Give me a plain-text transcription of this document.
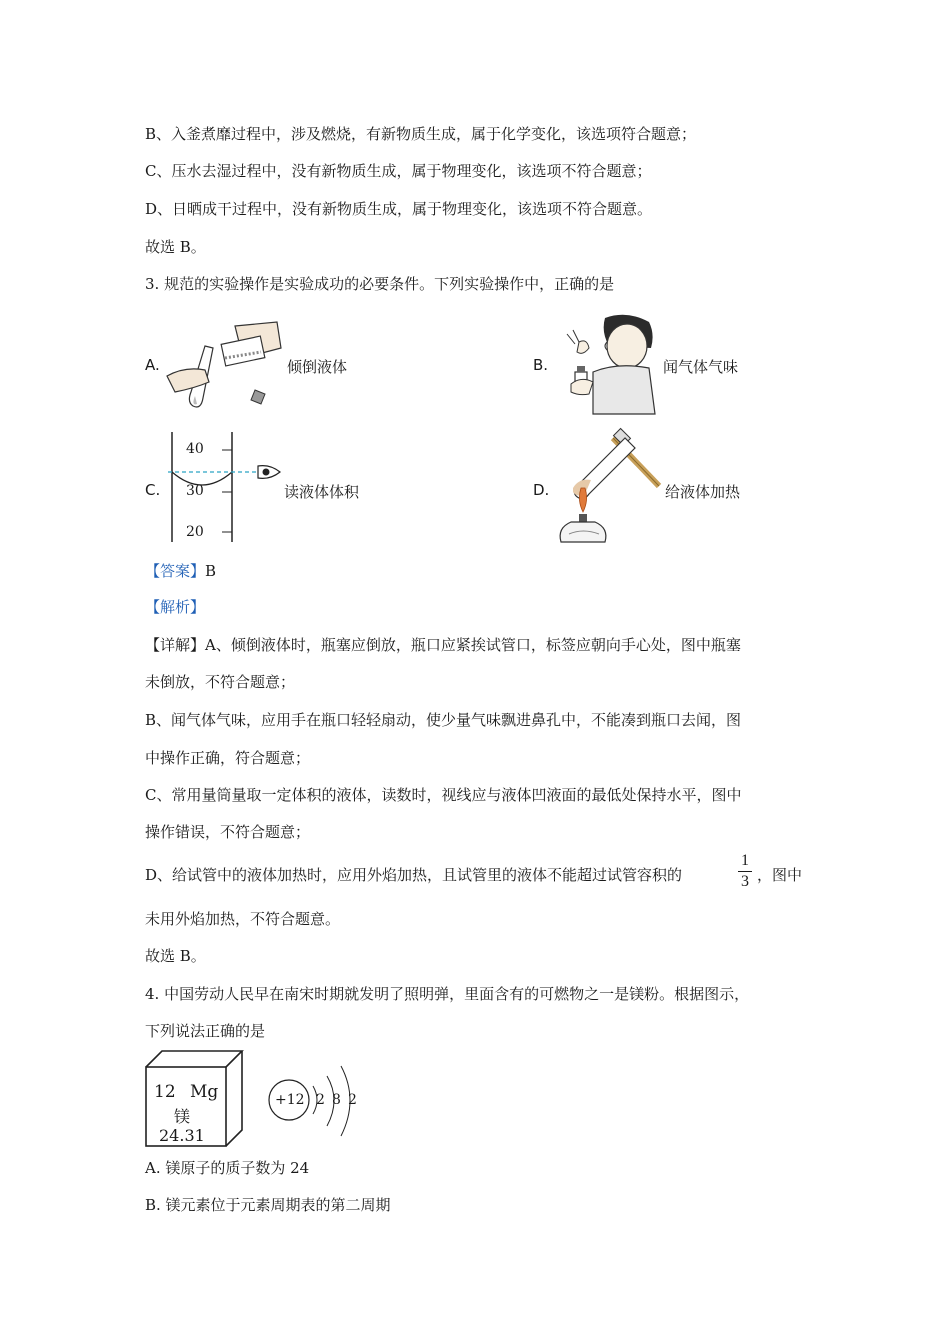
B、入釜煮靡过程中，涉及燃烧，有新物质生成，属于化学变化，该选项符合题意；
C、压水去湿过程中，没有新物质生成，属于物理变化，该选项不符合题意；
D、日晒成干过程中，没有新物质生成，属于物理变化，该选项不符合题意。
故选 B。
3. 规范的实验操作是实验成功的必要条件。下列实验操作中，正确的是
A.	倾倒液体	B.	闻气体气味
C.
40
30
20
读液体体积	D.	给液体加热
【答案】B
【解析】
【详解】A、倾倒液体时，瓶塞应倒放，瓶口应紧挨试管口，标签应朝向手心处，图中瓶塞
未倒放，不符合题意；
B、闻气体气味，应用手在瓶口轻轻扇动，使少量气味飘进鼻孔中，不能凑到瓶口去闻，图
中操作正确，符合题意；
C、常用量筒量取一定体积的液体，读数时，视线应与液体凹液面的最低处保持水平，图中
操作错误，不符合题意；
D、给试管中的液体加热时，应用外焰加热，且试管里的液体不能超过试管容积的
1
3 ，图中
未用外焰加热，不符合题意。
故选 B。
4. 中国劳动人民早在南宋时期就发明了照明弹，里面含有的可燃物之一是镁粉。根据图示，
下列说法正确的是
12 Mg
镁
24.31
+12 2 8 2
A. 镁原子的质子数为 24
B. 镁元素位于元素周期表的第二周期
